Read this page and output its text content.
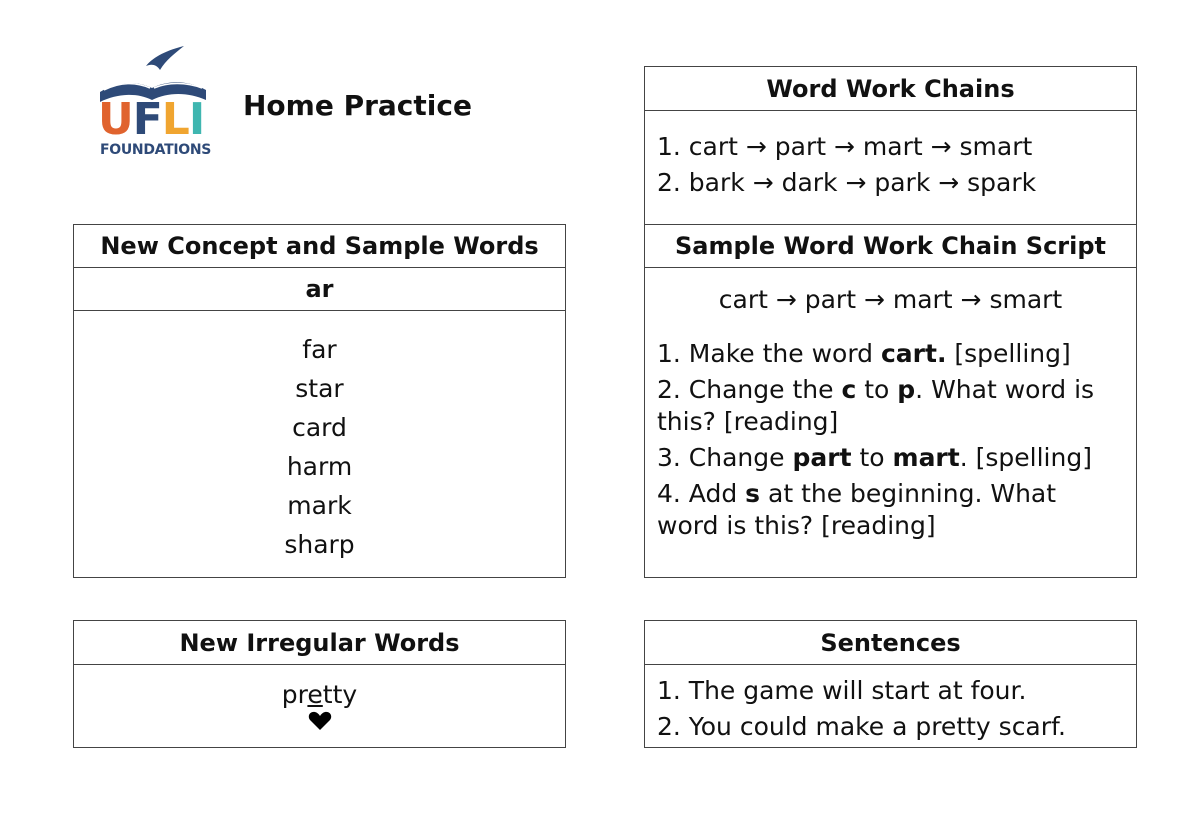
UFLI
FOUNDATIONS
Home Practice
New Concept and Sample Words
ar
far
star
card
harm
mark
sharp
New Irregular Words
pretty
Word Work Chains
1. cart → part → mart → smart
2. bark → dark → park → spark
Sample Word Work Chain Script
cart → part → mart → smart
1. Make the word cart. [spelling]
2. Change the c to p. What word is this? [reading]
3. Change part to mart. [spelling]
4. Add s at the beginning. What word is this? [reading]
Sentences
1. The game will start at four.
2. You could make a pretty scarf.
